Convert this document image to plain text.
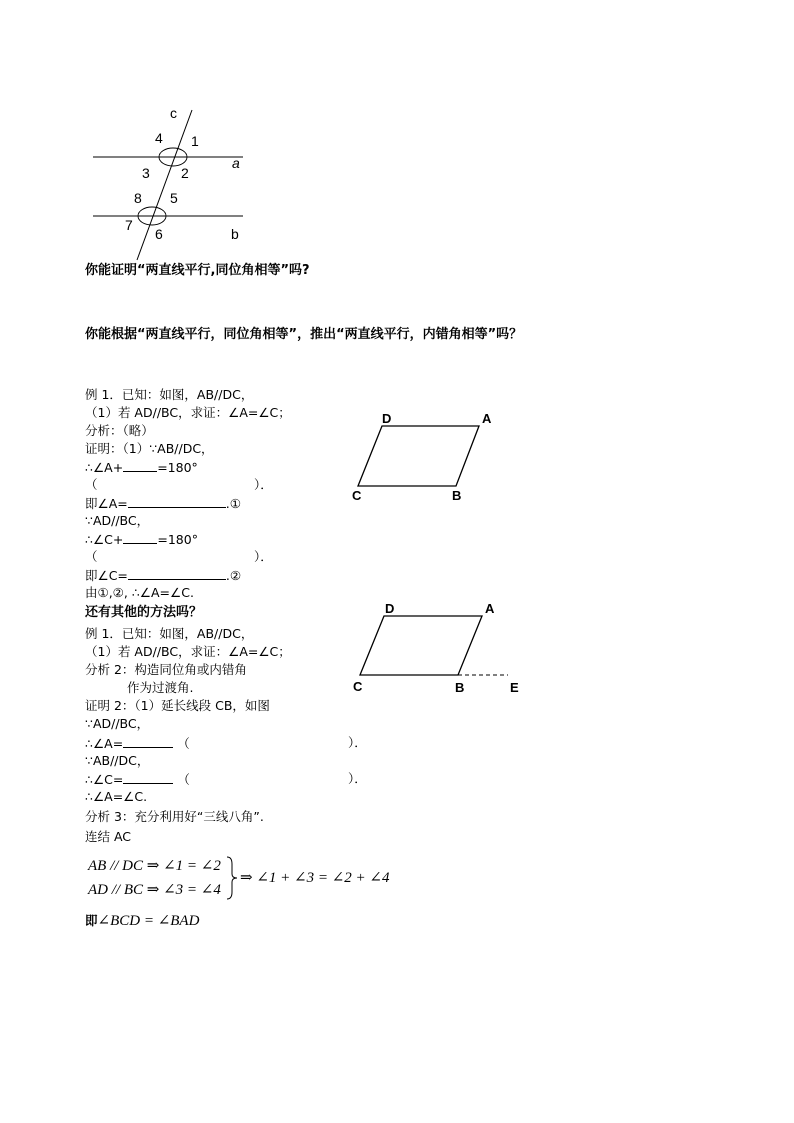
c
4 1
3 2
a
8 5
7
6	b
你能证明“两直线平行,同位角相等”吗?
你能根据“两直线平行，同位角相等”，推出“两直线平行，内错角相等”吗？
例 1．已知：如图，AB//DC，
（1）若 AD//BC，求证：∠A=∠C；
分析：（略）
证明：（1）∵AB//DC，
∴∠A+	=180°
（	）．
即∠A=	.①
∵AD//BC，
∴∠C+	=180°
（	）．
即∠C=	.②
由①,②, ∴∠A=∠C.
D	A
C	B
还有其他的方法吗？
例 1．已知：如图，AB//DC，
（1）若 AD//BC，求证：∠A=∠C；
分析 2：构造同位角或内错角
作为过渡角.
证明 2：（1）延长线段 CB，如图
∵AD//BC，
∴∠A=	（	）．
∵AB//DC，
∴∠C=	（	）．
∴∠A=∠C.
分析 3：充分利用好“三线八角”.
连结 AC
D	A
C	B	E
AB // DC ⇒ ∠1 = ∠2
AD // BC ⇒ ∠3 = ∠4
⇒ ∠1 + ∠3 = ∠2 + ∠4
即∠BCD = ∠BAD
